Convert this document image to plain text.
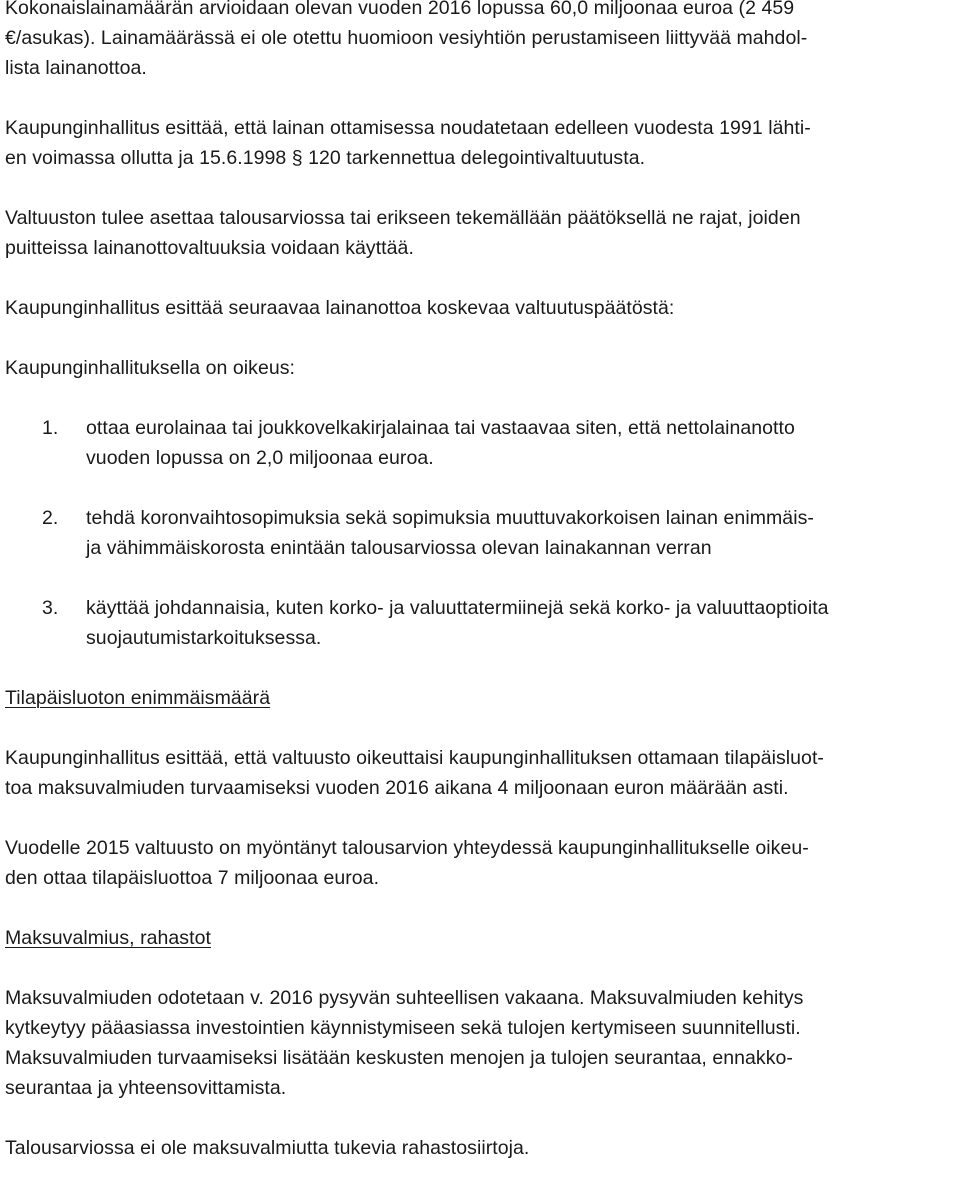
Kokonaislainamäärän arvioidaan olevan vuoden 2016 lopussa 60,0 miljoonaa euroa (2 459
€/asukas). Lainamäärässä ei ole otettu huomioon vesiyhtiön perustamiseen liittyvää mahdol-
lista lainanottoa.

Kaupunginhallitus esittää, että lainan ottamisessa noudatetaan edelleen vuodesta 1991 lähti-
en voimassa ollutta ja 15.6.1998 § 120 tarkennettua delegointivaltuutusta.

Valtuuston tulee asettaa talousarviossa tai erikseen tekemällään päätöksellä ne rajat, joiden
puitteissa lainanottovaltuuksia voidaan käyttää.

Kaupunginhallitus esittää seuraavaa lainanottoa koskevaa valtuutuspäätöstä:

Kaupunginhallituksella on oikeus:

1. ottaa eurolainaa tai joukkovelkakirjalainaa tai vastaavaa siten, että nettolainanotto
vuoden lopussa on 2,0 miljoonaa euroa.
2. tehdä koronvaihtosopimuksia sekä sopimuksia muuttuvakorkoisen lainan enimmäis-
ja vähimmäiskorosta enintään talousarviossa olevan lainakannan verran
3. käyttää johdannaisia, kuten korko- ja valuuttatermiinejä sekä korko- ja valuuttaoptioita
suojautumistarkoituksessa.

Tilapäisluoton enimmäismäärä

Kaupunginhallitus esittää, että valtuusto oikeuttaisi kaupunginhallituksen ottamaan tilapäisluot-
toa maksuvalmiuden turvaamiseksi vuoden 2016 aikana 4 miljoonaan euron määrään asti.

Vuodelle 2015 valtuusto on myöntänyt talousarvion yhteydessä kaupunginhallitukselle oikeu-
den ottaa tilapäisluottoa 7 miljoonaa euroa.

Maksuvalmius, rahastot

Maksuvalmiuden odotetaan v. 2016 pysyvän suhteellisen vakaana. Maksuvalmiuden kehitys
kytkeytyy pääasiassa investointien käynnistymiseen sekä tulojen kertymiseen suunnitellusti.
Maksuvalmiuden turvaamiseksi lisätään keskusten menojen ja tulojen seurantaa, ennakko-
seurantaa ja yhteensovittamista.

Talousarviossa ei ole maksuvalmiutta tukevia rahastosiirtoja.
